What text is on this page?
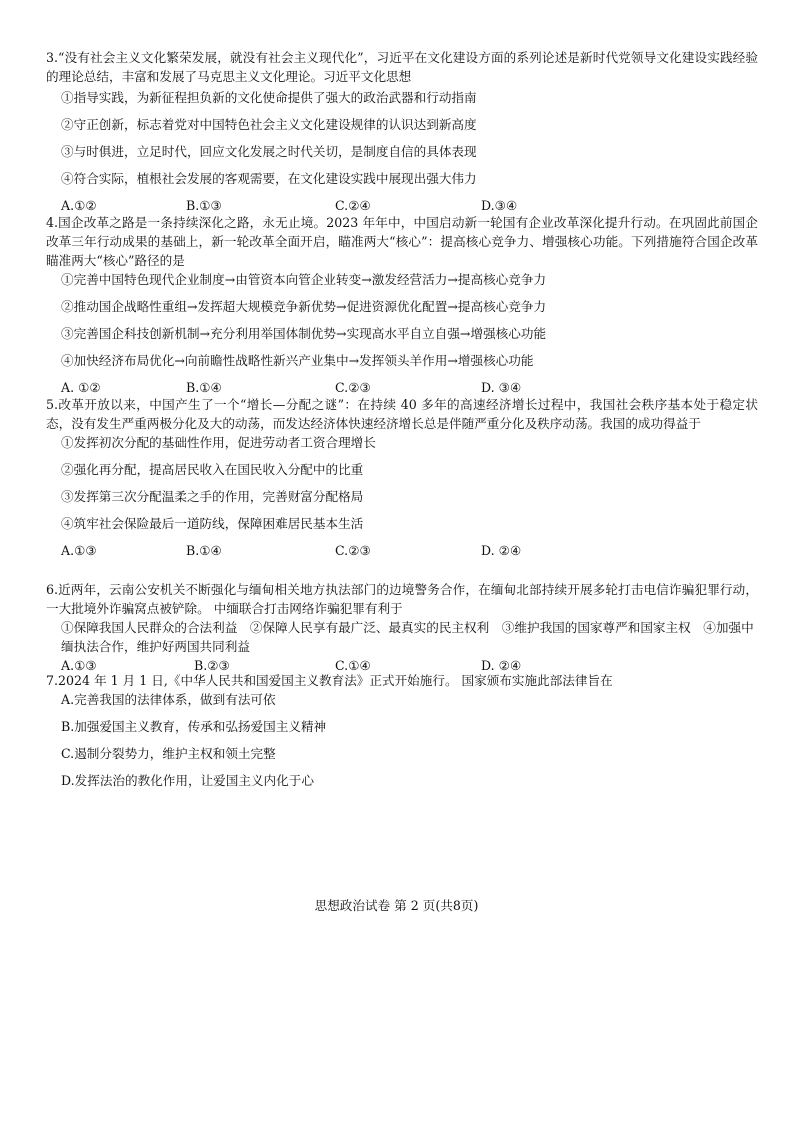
3.“没有社会主义文化繁荣发展，就没有社会主义现代化”，习近平在文化建设方面的系列论述是新时代党领导文化建设实践经验的理论总结，丰富和发展了马克思主义文化理论。习近平文化思想

①指导实践，为新征程担负新的文化使命提供了强大的政治武器和行动指南

②守正创新，标志着党对中国特色社会主义文化建设规律的认识达到新高度

③与时俱进，立足时代，回应文化发展之时代关切，是制度自信的具体表现

④符合实际，植根社会发展的客观需要，在文化建设实践中展现出强大伟力

A.①②	B.①③	C.②④	D.③④

4.国企改革之路是一条持续深化之路，永无止境。2023 年年中，中国启动新一轮国有企业改革深化提升行动。在巩固此前国企改革三年行动成果的基础上，新一轮改革全面开启，瞄准两大“核心”：提高核心竞争力、增强核心功能。下列措施符合国企改革瞄准两大“核心”路径的是

①完善中国特色现代企业制度→由管资本向管企业转变→激发经营活力→提高核心竞争力

②推动国企战略性重组→发挥超大规模竞争新优势→促进资源优化配置→提高核心竞争力

③完善国企科技创新机制→充分利用举国体制优势→实现高水平自立自强→增强核心功能

④加快经济布局优化→向前瞻性战略性新兴产业集中→发挥领头羊作用→增强核心功能

A. ①②	B.①④	C.②③	D. ③④

5.改革开放以来，中国产生了一个“增长—分配之谜”：在持续 40 多年的高速经济增长过程中，我国社会秩序基本处于稳定状态，没有发生严重两极分化及大的动荡，而发达经济体快速经济增长总是伴随严重分化及秩序动荡。我国的成功得益于

①发挥初次分配的基础性作用，促进劳动者工资合理增长

②强化再分配，提高居民收入在国民收入分配中的比重

③发挥第三次分配温柔之手的作用，完善财富分配格局

④筑牢社会保险最后一道防线，保障困难居民基本生活

A.①③	B.①④	C.②③	D. ②④

6.近两年，云南公安机关不断强化与缅甸相关地方执法部门的边境警务合作，在缅甸北部持续开展多轮打击电信诈骗犯罪行动，一大批境外诈骗窝点被铲除。 中缅联合打击网络诈骗犯罪有利于

①保障我国人民群众的合法利益　②保障人民享有最广泛、最真实的民主权利　③维护我国的国家尊严和国家主权　④加强中缅执法合作，维护好两国共同利益

A.①③	B.②③	C.①④	D. ②④

7.2024 年 1 月 1 日,《中华人民共和国爱国主义教育法》正式开始施行。 国家颁布实施此部法律旨在

A.完善我国的法律体系，做到有法可依

B.加强爱国主义教育，传承和弘扬爱国主义精神

C.遏制分裂势力，维护主权和领土完整

D.发挥法治的教化作用，让爱国主义内化于心

思想政治试卷 第 2 页(共8页)
